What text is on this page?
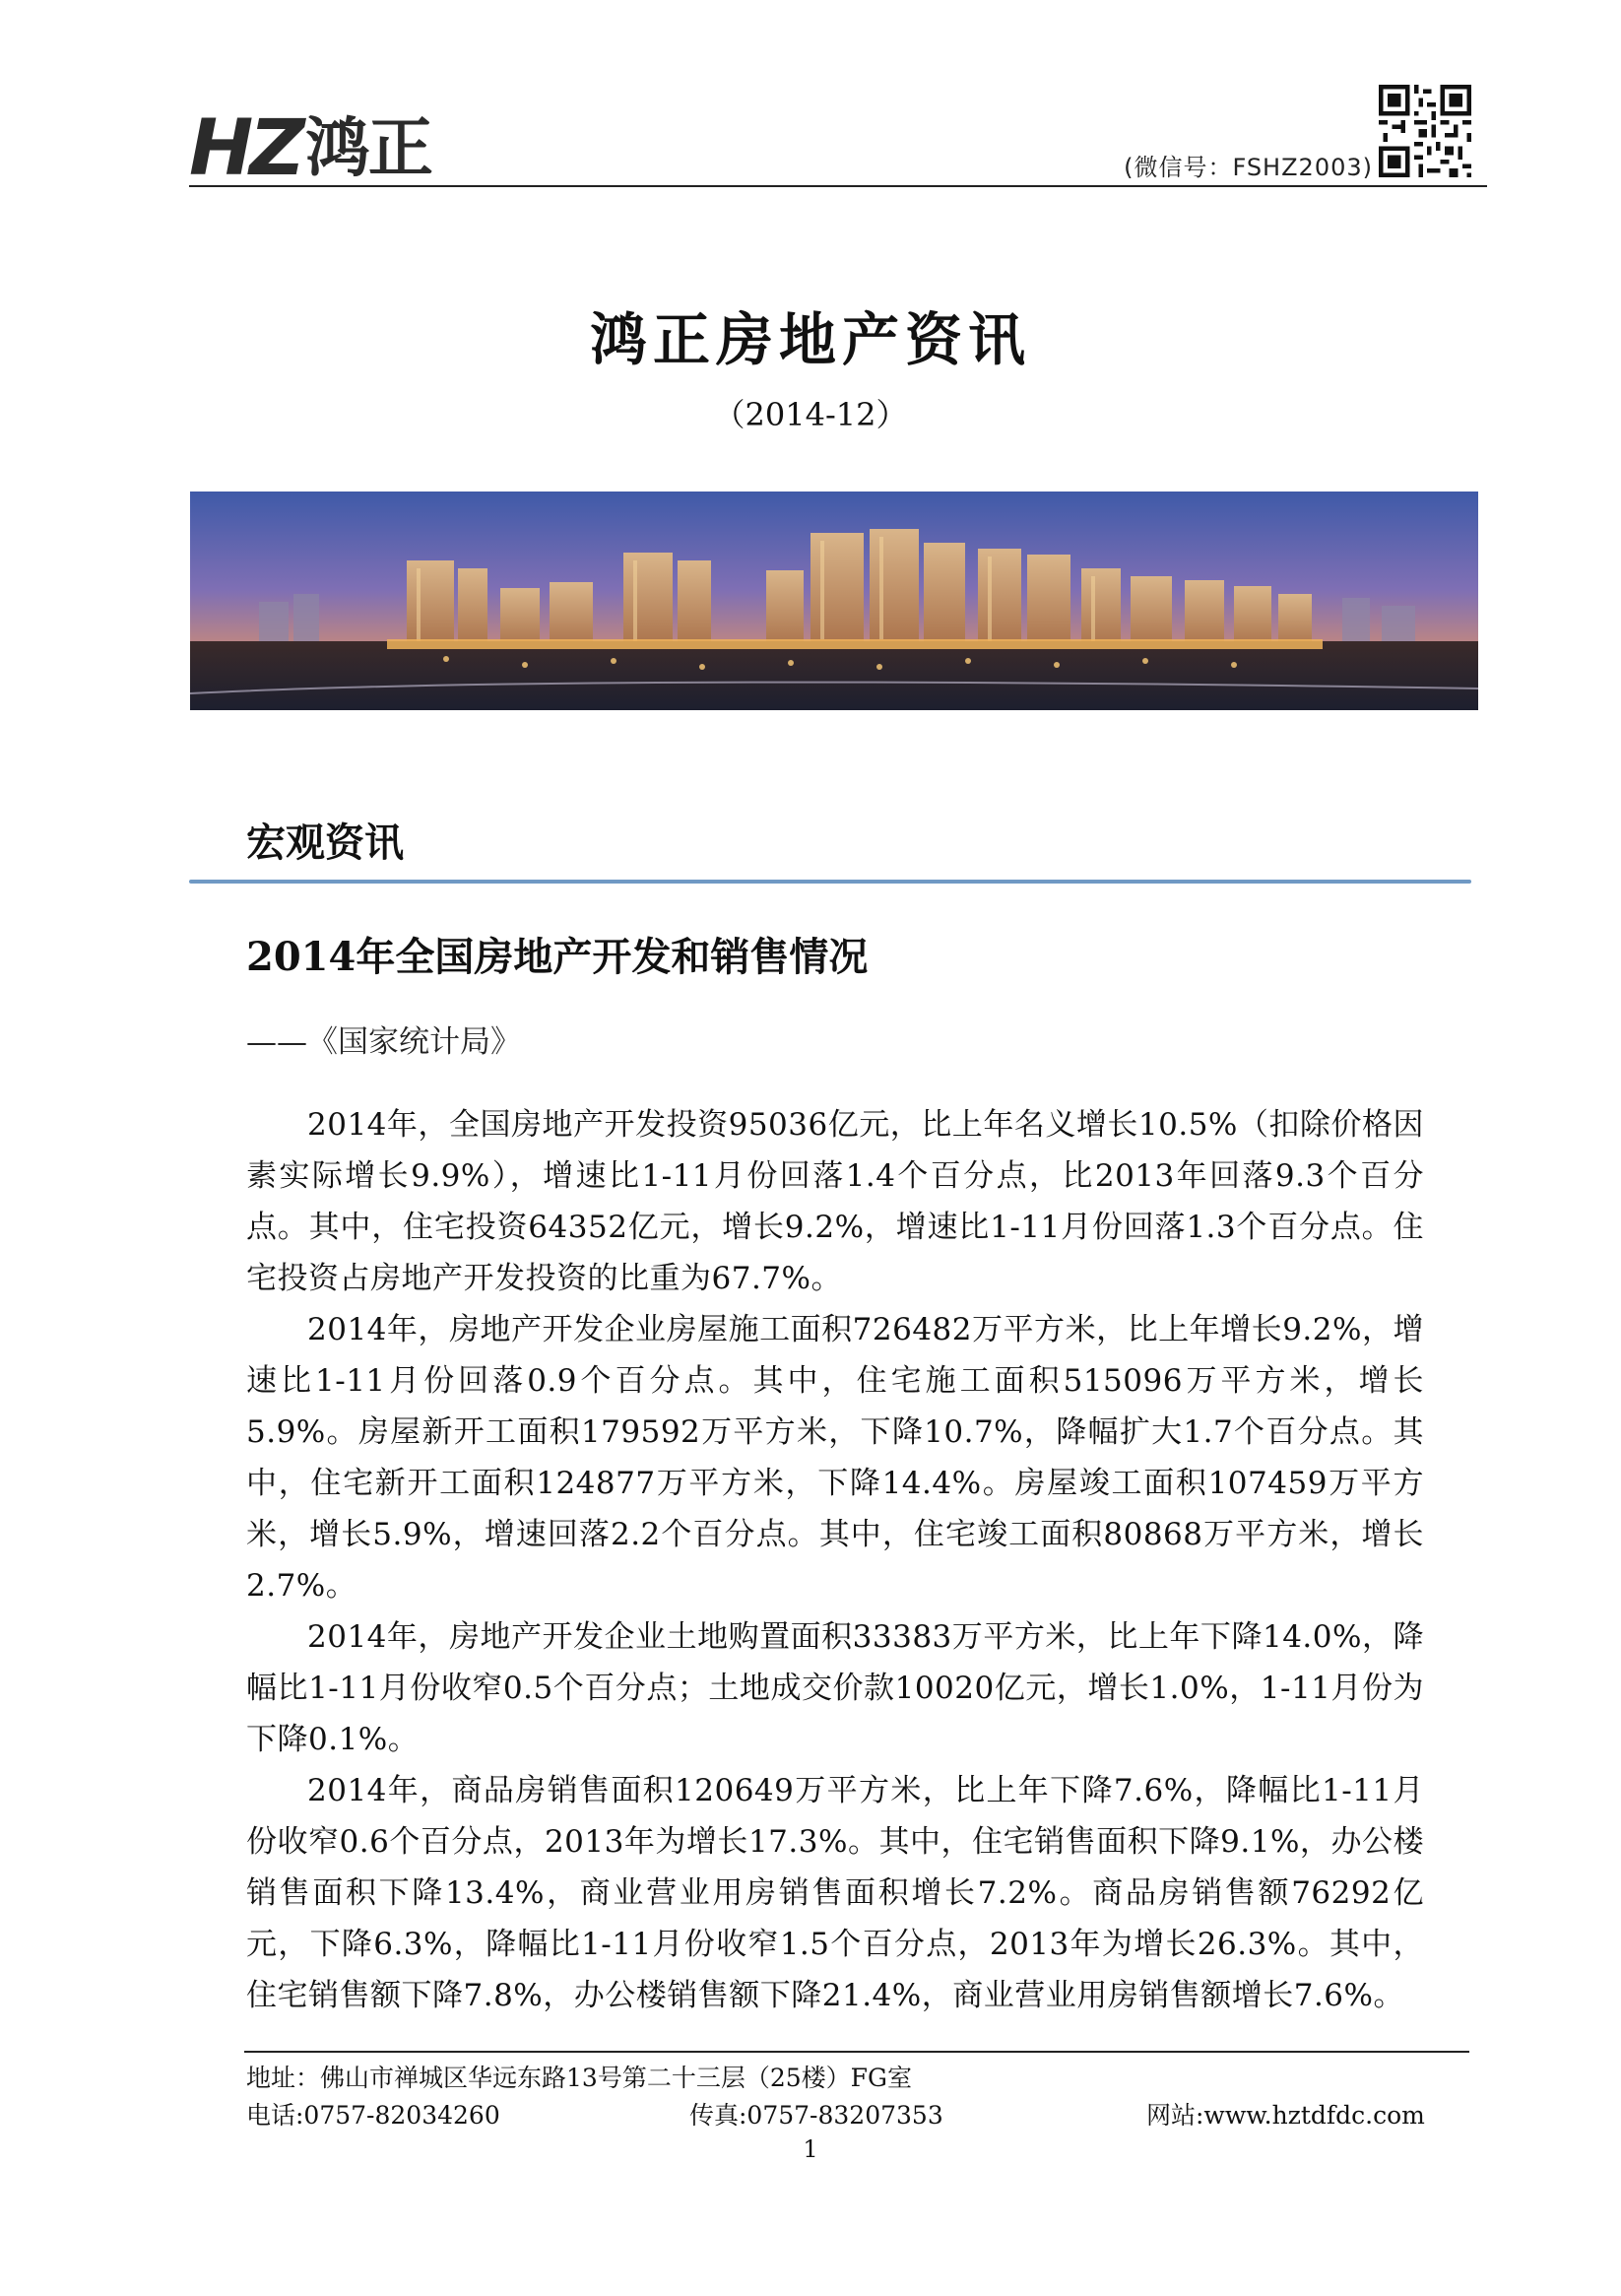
HZ 鸿正	(微信号：FSHZ2003)
鸿正房地产资讯
（2014-12）
宏观资讯
2014年全国房地产开发和销售情况
——《国家统计局》

2014年，全国房地产开发投资95036亿元，比上年名义增长10.5%（扣除价格因素实际增长9.9%），增速比1-11月份回落1.4个百分点，比2013年回落9.3个百分点。其中，住宅投资64352亿元，增长9.2%，增速比1-11月份回落1.3个百分点。住宅投资占房地产开发投资的比重为67.7%。

2014年，房地产开发企业房屋施工面积726482万平方米，比上年增长9.2%，增速比1-11月份回落0.9个百分点。其中，住宅施工面积515096万平方米，增长5.9%。房屋新开工面积179592万平方米，下降10.7%，降幅扩大1.7个百分点。其中，住宅新开工面积124877万平方米，下降14.4%。房屋竣工面积107459万平方米，增长5.9%，增速回落2.2个百分点。其中，住宅竣工面积80868万平方米，增长2.7%。

2014年，房地产开发企业土地购置面积33383万平方米，比上年下降14.0%，降幅比1-11月份收窄0.5个百分点；土地成交价款10020亿元，增长1.0%，1-11月份为下降0.1%。

2014年，商品房销售面积120649万平方米，比上年下降7.6%，降幅比1-11月份收窄0.6个百分点，2013年为增长17.3%。其中，住宅销售面积下降9.1%，办公楼销售面积下降13.4%，商业营业用房销售面积增长7.2%。商品房销售额76292亿元，下降6.3%，降幅比1-11月份收窄1.5个百分点，2013年为增长26.3%。其中，住宅销售额下降7.8%，办公楼销售额下降21.4%，商业营业用房销售额增长7.6%。

地址：佛山市禅城区华远东路13号第二十三层（25楼）FG室
电话:0757-82034260	传真:0757-83207353	网站:www.hztdfdc.com
1
